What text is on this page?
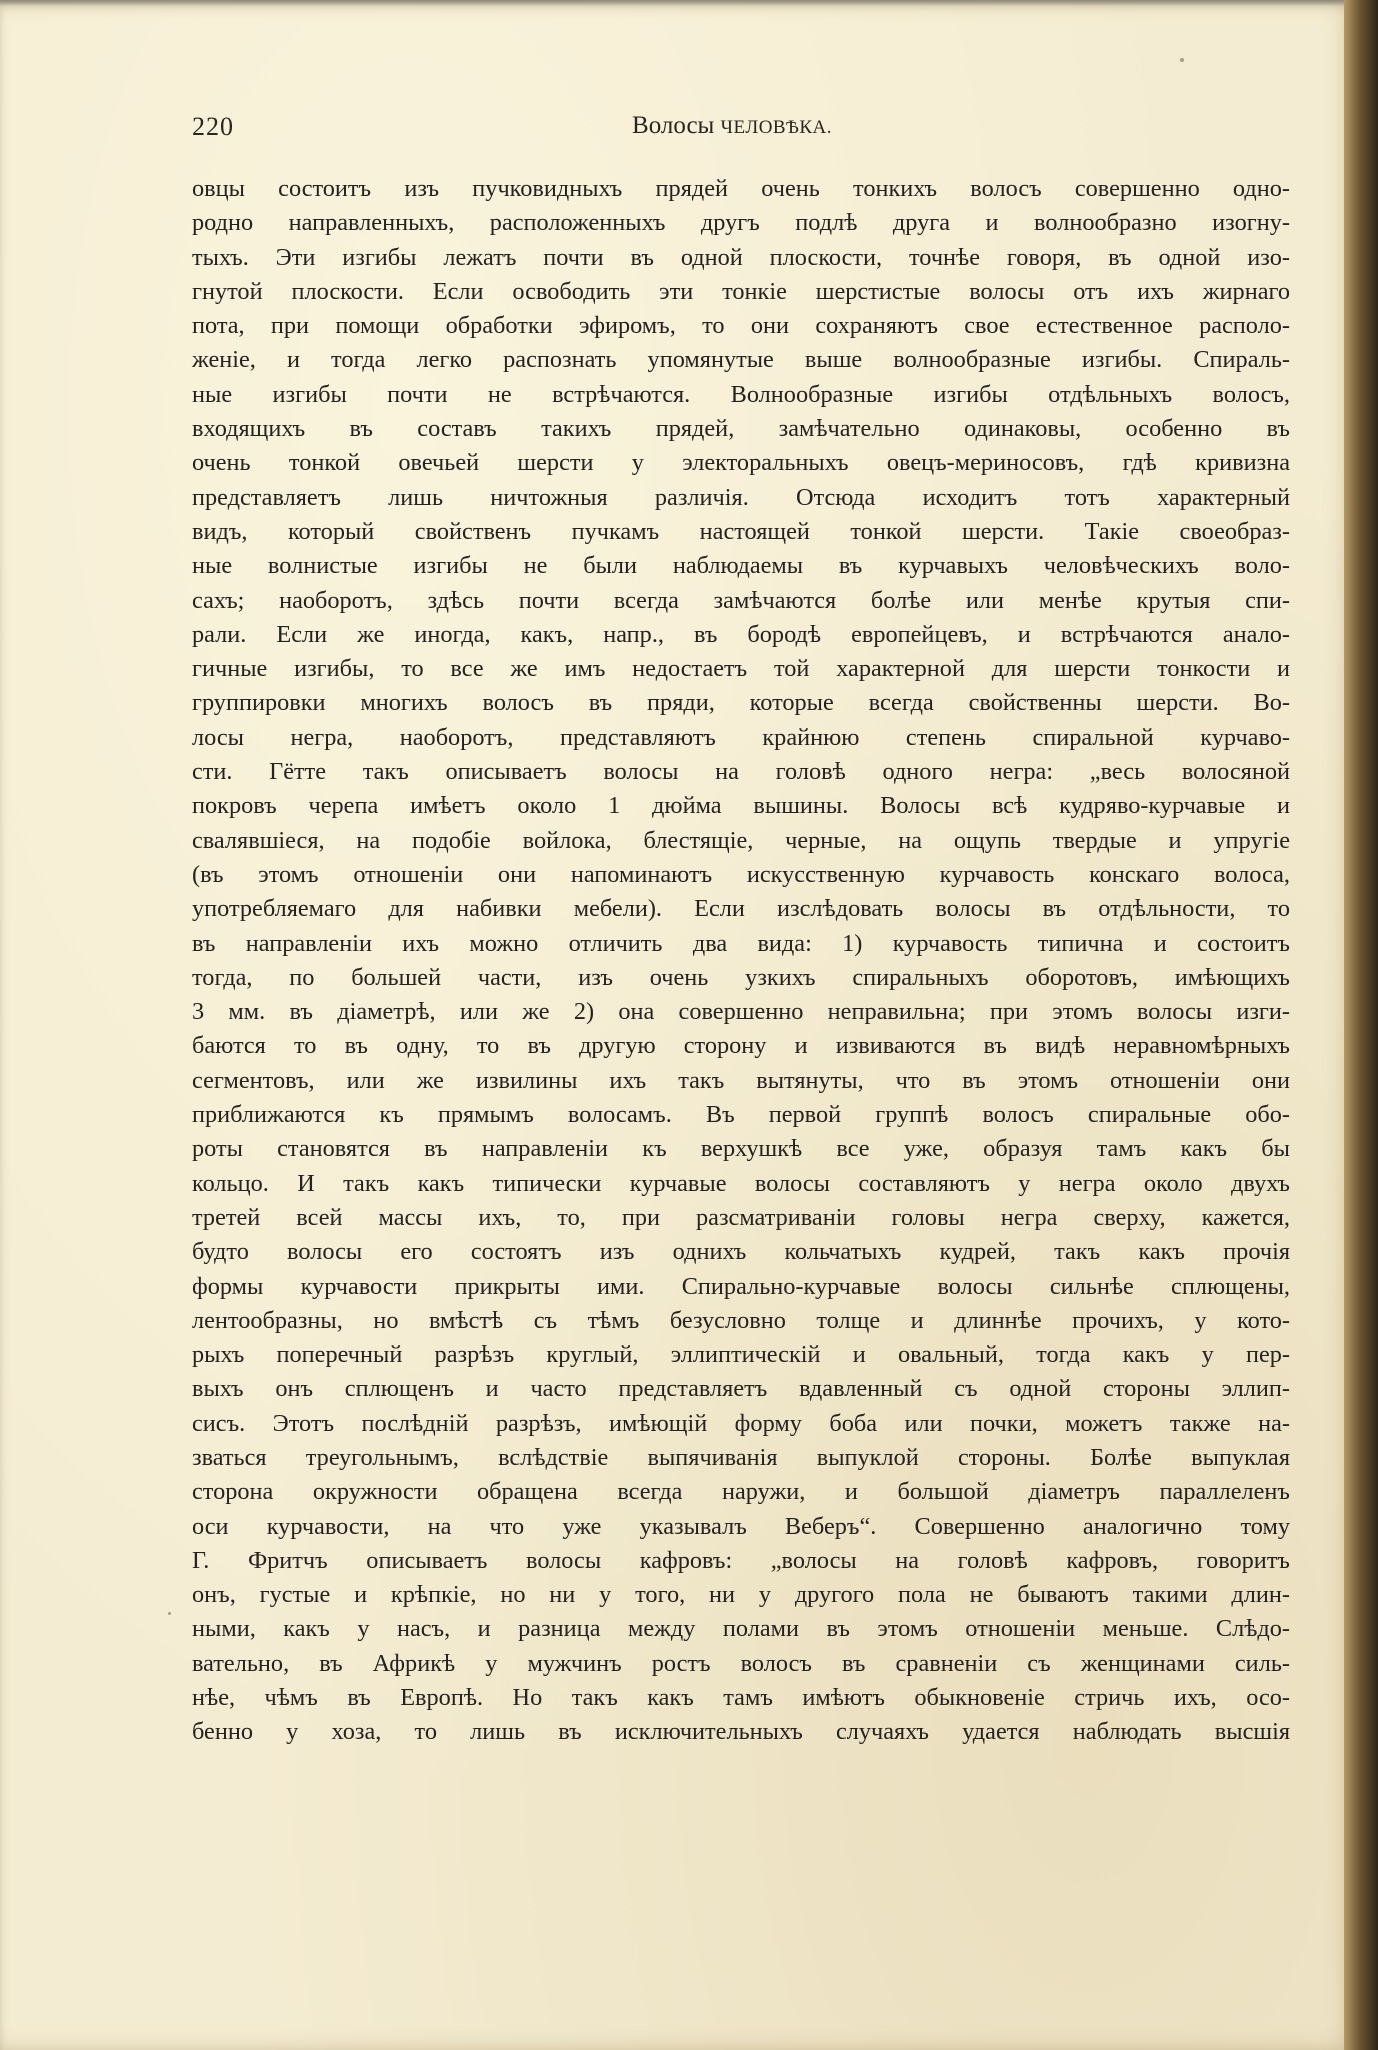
220	Волосы ЧЕЛОВѢКА.
овцы состоитъ изъ пучковидныхъ прядей очень тонкихъ волосъ совершенно одно-
родно направленныхъ, расположенныхъ другъ подлѣ друга и волнообразно изогну-
тыхъ. Эти изгибы лежатъ почти въ одной плоскости, точнѣе говоря, въ одной изо-
гнутой плоскости. Если освободить эти тонкіе шерстистые волосы отъ ихъ жирнаго
пота, при помощи обработки эфиромъ, то они сохраняютъ свое естественное располо-
женіе, и тогда легко распознать упомянутые выше волнообразные изгибы. Спираль-
ные изгибы почти не встрѣчаются. Волнообразные изгибы отдѣльныхъ волосъ,
входящихъ въ составъ такихъ прядей, замѣчательно одинаковы, особенно въ
очень тонкой овечьей шерсти у электоральныхъ овецъ-мериносовъ, гдѣ кривизна
представляетъ лишь ничтожныя различія. Отсюда исходитъ тотъ характерный
видъ, который свойственъ пучкамъ настоящей тонкой шерсти. Такіе своеобраз-
ные волнистые изгибы не были наблюдаемы въ курчавыхъ человѣческихъ воло-
сахъ; наоборотъ, здѣсь почти всегда замѣчаются болѣе или менѣе крутыя спи-
рали. Если же иногда, какъ, напр., въ бородѣ европейцевъ, и встрѣчаются анало-
гичные изгибы, то все же имъ недостаетъ той характерной для шерсти тонкости и
группировки многихъ волосъ въ пряди, которые всегда свойственны шерсти. Во-
лосы негра, наоборотъ, представляютъ крайнюю степень спиральной курчаво-
сти. Гётте такъ описываетъ волосы на головѣ одного негра: „весь волосяной
покровъ черепа имѣетъ около 1 дюйма вышины. Волосы всѣ кудряво-курчавые и
свалявшіеся, на подобіе войлока, блестящіе, черные, на ощупь твердые и упругіе
(въ этомъ отношеніи они напоминаютъ искусственную курчавость конскаго волоса,
употребляемаго для набивки мебели). Если изслѣдовать волосы въ отдѣльности, то
въ направленіи ихъ можно отличить два вида: 1) курчавость типична и состоитъ
тогда, по большей части, изъ очень узкихъ спиральныхъ оборотовъ, имѣющихъ
3 мм. въ діаметрѣ, или же 2) она совершенно неправильна; при этомъ волосы изги-
баются то въ одну, то въ другую сторону и извиваются въ видѣ неравномѣрныхъ
сегментовъ, или же извилины ихъ такъ вытянуты, что въ этомъ отношеніи они
приближаются къ прямымъ волосамъ. Въ первой группѣ волосъ спиральные обо-
роты становятся въ направленіи къ верхушкѣ все уже, образуя тамъ какъ бы
кольцо. И такъ какъ типически курчавые волосы составляютъ у негра около двухъ
третей всей массы ихъ, то, при разсматриваніи головы негра сверху, кажется,
будто волосы его состоятъ изъ однихъ кольчатыхъ кудрей, такъ какъ прочія
формы курчавости прикрыты ими. Спирально-курчавые волосы сильнѣе сплющены,
лентообразны, но вмѣстѣ съ тѣмъ безусловно толще и длиннѣе прочихъ, у кото-
рыхъ поперечный разрѣзъ круглый, эллиптическій и овальный, тогда какъ у пер-
выхъ онъ сплющенъ и часто представляетъ вдавленный съ одной стороны эллип-
сисъ. Этотъ послѣдній разрѣзъ, имѣющій форму боба или почки, можетъ также на-
зваться треугольнымъ, вслѣдствіе выпячиванія выпуклой стороны. Болѣе выпуклая
сторона окружности обращена всегда наружи, и большой діаметръ параллеленъ
оси курчавости, на что уже указывалъ Веберъ“. Совершенно аналогично тому
Г. Фритчъ описываетъ волосы кафровъ: „волосы на головѣ кафровъ, говоритъ
онъ, густые и крѣпкіе, но ни у того, ни у другого пола не бываютъ такими длин-
ными, какъ у насъ, и разница между полами въ этомъ отношеніи меньше. Слѣдо-
вательно, въ Африкѣ у мужчинъ ростъ волосъ въ сравненіи съ женщинами силь-
нѣе, чѣмъ въ Европѣ. Но такъ какъ тамъ имѣютъ обыкновеніе стричь ихъ, осо-
бенно у хоза, то лишь въ исключительныхъ случаяхъ удается наблюдать высшія
